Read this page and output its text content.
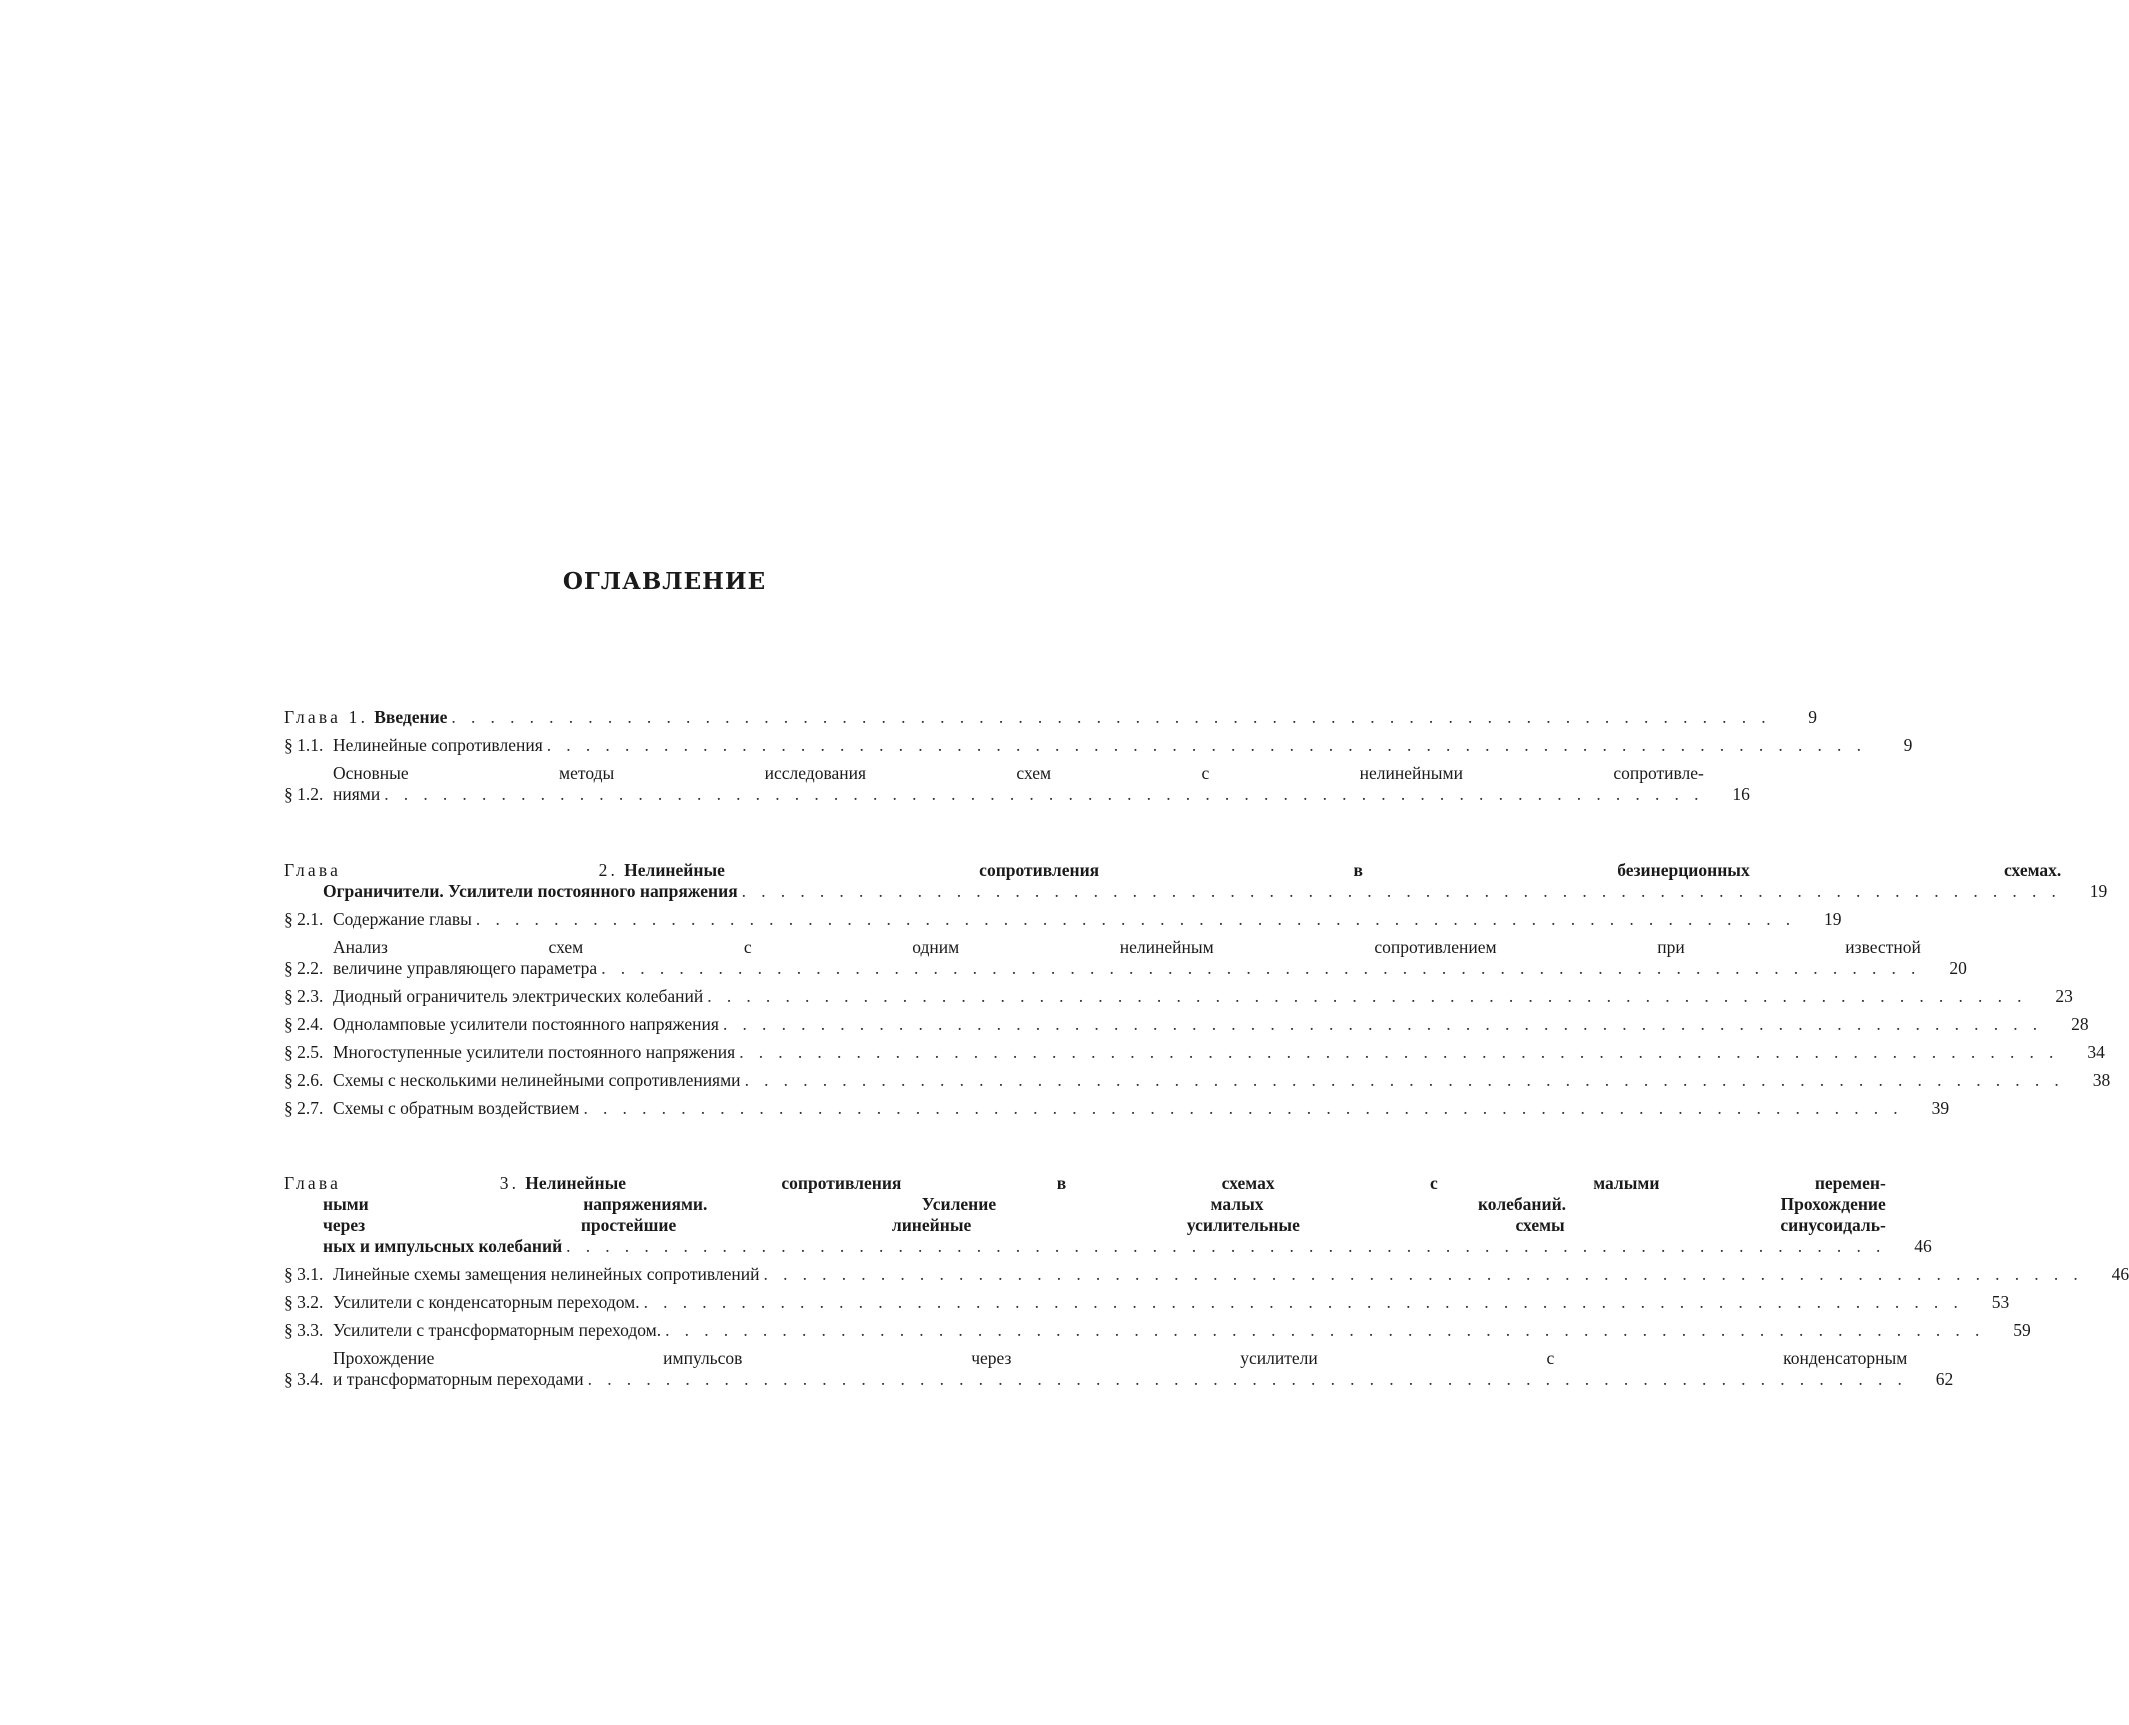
ОГЛАВЛЕНИЕ
Глава 1. Введение . . . . . . . . . . . . . . . . . . . . . . . . . . . . . . . . . . . . . . . . . . . . . . . . . . . . . . . . . . . . . . . . . . . .	9
§ 1.1. Нелинейные сопротивления . . . . . . . . . . . . . . . . . . . . . . . . . . . . . . . . . . . . . . . . . . . . . . . . . . . . . . . . . . . . . . . . . . . .	9
§ 1.2.
Основные методы исследования схем с нелинейными сопротивле-
ниями . . . . . . . . . . . . . . . . . . . . . . . . . . . . . . . . . . . . . . . . . . . . . . . . . . . . . . . . . . . . . . . . . . . .	16
Глава 2. Нелинейные сопротивления в безинерционных схемах.
Ограничители. Усилители постоянного напряжения . . . . . . . . . . . . . . . . . . . . . . . . . . . . . . . . . . . . . . . . . . . . . . . . . . . . . . . . . . . . . . . . . . . .	19
§ 2.1. Содержание главы . . . . . . . . . . . . . . . . . . . . . . . . . . . . . . . . . . . . . . . . . . . . . . . . . . . . . . . . . . . . . . . . . . . .	19
§ 2.2.
Анализ схем с одним нелинейным сопротивлением при известной
величине управляющего параметра . . . . . . . . . . . . . . . . . . . . . . . . . . . . . . . . . . . . . . . . . . . . . . . . . . . . . . . . . . . . . . . . . . . .	20
§ 2.3. Диодный ограничитель электрических колебаний . . . . . . . . . . . . . . . . . . . . . . . . . . . . . . . . . . . . . . . . . . . . . . . . . . . . . . . . . . . . . . . . . . . .	23
§ 2.4. Одноламповые усилители постоянного напряжения . . . . . . . . . . . . . . . . . . . . . . . . . . . . . . . . . . . . . . . . . . . . . . . . . . . . . . . . . . . . . . . . . . . .	28
§ 2.5. Многоступенные усилители постоянного напряжения . . . . . . . . . . . . . . . . . . . . . . . . . . . . . . . . . . . . . . . . . . . . . . . . . . . . . . . . . . . . . . . . . . . .	34
§ 2.6. Схемы с несколькими нелинейными сопротивлениями . . . . . . . . . . . . . . . . . . . . . . . . . . . . . . . . . . . . . . . . . . . . . . . . . . . . . . . . . . . . . . . . . . . .	38
§ 2.7. Схемы с обратным воздействием . . . . . . . . . . . . . . . . . . . . . . . . . . . . . . . . . . . . . . . . . . . . . . . . . . . . . . . . . . . . . . . . . . . .	39
Глава 3. Нелинейные сопротивления в схемах с малыми перемен-
ными напряжениями. Усиление малых колебаний. Прохождение
через простейшие линейные усилительные схемы синусоидаль-
ных и импульсных колебаний . . . . . . . . . . . . . . . . . . . . . . . . . . . . . . . . . . . . . . . . . . . . . . . . . . . . . . . . . . . . . . . . . . . .	46
§ 3.1. Линейные схемы замещения нелинейных сопротивлений . . . . . . . . . . . . . . . . . . . . . . . . . . . . . . . . . . . . . . . . . . . . . . . . . . . . . . . . . . . . . . . . . . . .	46
§ 3.2. Усилители с конденсаторным переходом. . . . . . . . . . . . . . . . . . . . . . . . . . . . . . . . . . . . . . . . . . . . . . . . . . . . . . . . . . . . . . . . . . . . .	53
§ 3.3. Усилители с трансформаторным переходом. . . . . . . . . . . . . . . . . . . . . . . . . . . . . . . . . . . . . . . . . . . . . . . . . . . . . . . . . . . . . . . . . . . . .	59
§ 3.4.
Прохождение импульсов через усилители с конденсаторным
и трансформаторным переходами . . . . . . . . . . . . . . . . . . . . . . . . . . . . . . . . . . . . . . . . . . . . . . . . . . . . . . . . . . . . . . . . . . . .	62
